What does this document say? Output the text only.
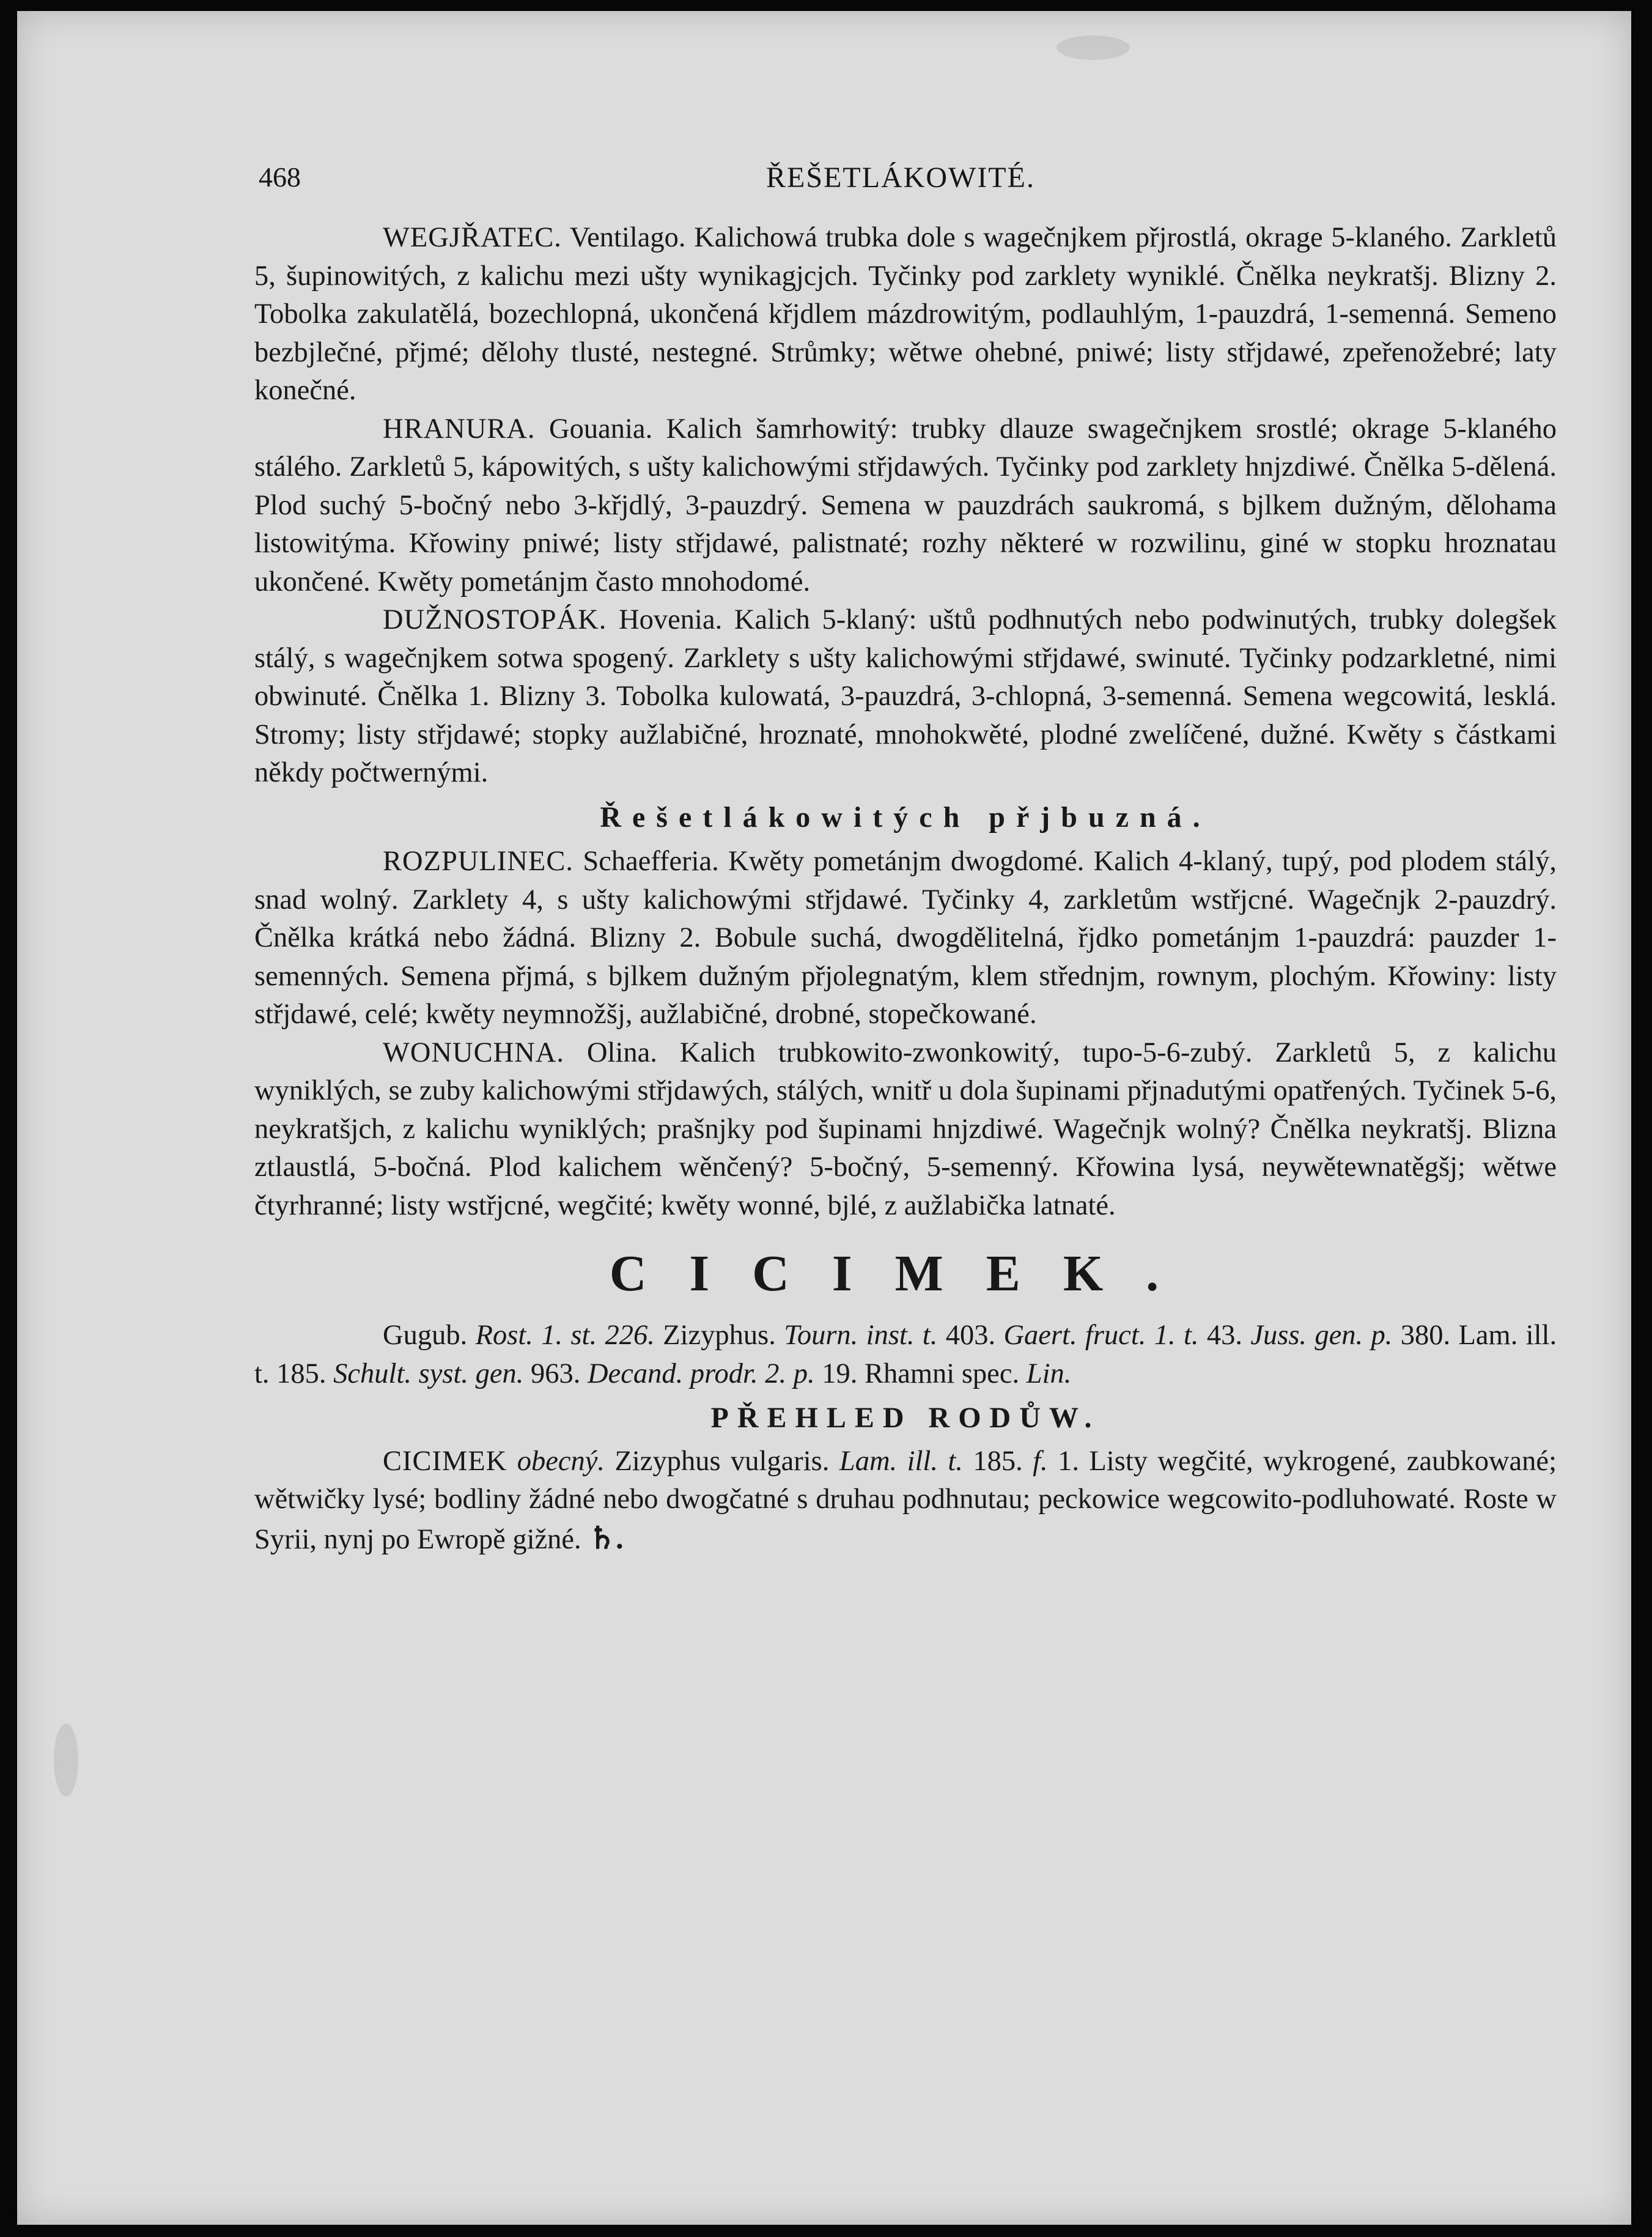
468	ŘEŠETLÁKOWITÉ.

WEGJŘATEC. Ventilago. Kalichowá trubka dole s wagečnjkem přjrostlá, okrage 5-klaného. Zarkletů 5, šupinowitých, z kalichu mezi ušty wynikagjcjch. Tyčinky pod zarklety wyniklé. Čnělka neykratšj. Blizny 2. Tobolka zakulatělá, bozechlopná, ukončená křjdlem mázdrowitým, podlauhlým, 1-pauzdrá, 1-semenná. Semeno bezbjlečné, přjmé; dělohy tlusté, nestegné. Strůmky; wětwe ohebné, pniwé; listy střjdawé, zpeřenožebré; laty konečné.

HRANURA. Gouania. Kalich šamrhowitý: trubky dlauze swagečnjkem srostlé; okrage 5-klaného stálého. Zarkletů 5, kápowitých, s ušty kalichowými střjdawých. Tyčinky pod zarklety hnjzdiwé. Čnělka 5-dělená. Plod suchý 5-bočný nebo 3-křjdlý, 3-pauzdrý. Semena w pauzdrách saukromá, s bjlkem dužným, dělohama listowitýma. Křowiny pniwé; listy střjdawé, palistnaté; rozhy některé w rozwilinu, giné w stopku hroznatau ukončené. Kwěty pometánjm často mnohodomé.

DUŽNOSTOPÁK. Hovenia. Kalich 5-klaný: uštů podhnutých nebo podwinutých, trubky dolegšek stálý, s wagečnjkem sotwa spogený. Zarklety s ušty kalichowými střjdawé, swinuté. Tyčinky podzarkletné, nimi obwinuté. Čnělka 1. Blizny 3. Tobolka kulowatá, 3-pauzdrá, 3-chlopná, 3-semenná. Semena wegcowitá, lesklá. Stromy; listy střjdawé; stopky aužlabičné, hroznaté, mnohokwěté, plodné zwelíčené, dužné. Kwěty s částkami někdy počtwernými.

Řešetlákowitých přjbuzná.

ROZPULINEC. Schaefferia. Kwěty pometánjm dwogdomé. Kalich 4-klaný, tupý, pod plodem stálý, snad wolný. Zarklety 4, s ušty kalichowými střjdawé. Tyčinky 4, zarkletům wstřjcné. Wagečnjk 2-pauzdrý. Čnělka krátká nebo žádná. Blizny 2. Bobule suchá, dwogdělitelná, řjdko pometánjm 1-pauzdrá: pauzder 1-semenných. Semena přjmá, s bjlkem dužným přjolegnatým, klem střednjm, rownym, plochým. Křowiny: listy střjdawé, celé; kwěty neymnožšj, aužlabičné, drobné, stopečkowané.

WONUCHNA. Olina. Kalich trubkowito-zwonkowitý, tupo-5-6-zubý. Zarkletů 5, z kalichu wyniklých, se zuby kalichowými střjdawých, stálých, wnitř u dola šupinami přjnadutými opatřených. Tyčinek 5-6, neykratšjch, z kalichu wyniklých; prašnjky pod šupinami hnjzdiwé. Wagečnjk wolný? Čnělka neykratšj. Blizna ztlaustlá, 5-bočná. Plod kalichem wěnčený? 5-bočný, 5-semenný. Křowina lysá, neywětewnatěgšj; wětwe čtyrhranné; listy wstřjcné, wegčité; kwěty wonné, bjlé, z aužlabička latnaté.

CICIMEK.

Gugub. Rost. 1. st. 226. Zizyphus. Tourn. inst. t. 403. Gaert. fruct. 1. t. 43. Juss. gen. p. 380. Lam. ill. t. 185. Schult. syst. gen. 963. Decand. prodr. 2. p. 19. Rhamni spec. Lin.

PŘEHLED RODŮW.

CICIMEK obecný. Zizyphus vulgaris. Lam. ill. t. 185. f. 1. Listy wegčité, wykrogené, zaubkowané; wětwičky lysé; bodliny žádné nebo dwogčatné s druhau podhnutau; peckowice wegcowito-podluhowaté. Roste w Syrii, nynj po Ewropě gižné. ♄.
